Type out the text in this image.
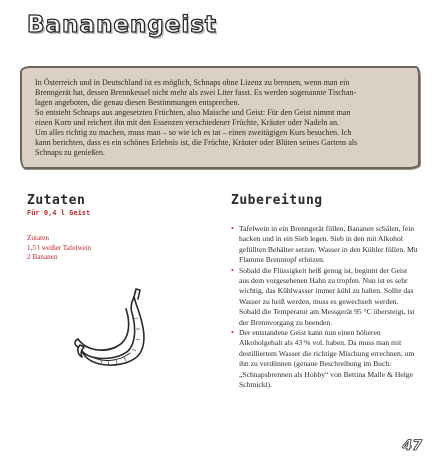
Bananengeist

In Österreich und in Deutschland ist es möglich, Schnaps ohne Lizenz zu brennen, wenn man ein

Brenngerät hat, dessen Brennkessel nicht mehr als zwei Liter fasst. Es werden sogenannte Tischan-

lagen angeboten, die genau diesen Bestimmungen entsprechen.

So entsteht Schnaps aus angesetzten Früchten, also Maische und Geist: Für den Geist nimmt man

einen Korn und reichert ihn mit den Essenzen verschiedener Früchte, Kräuter oder Nadeln an.

Um alles richtig zu machen, muss man – so wie ich es tat – einen zweitägigen Kurs besuchen. Ich

kann berichten, dass es ein schönes Erlebnis ist, die Früchte, Kräuter oder Blüten seines Gartens als

Schnaps zu genießen.

Zutaten
Für 0,4 l Geist
Zutaten
1,5 l weißer Tafelwein
2 Bananen
Zubereitung
• Tafelwein in ein Brenngerät füllen, Bananen schälen, fein hacken und in ein Sieb legen. Sieb in den mit Alkohol gefüllten Behälter setzen. Wasser in den Kühler füllen. Mit Flamme Brenntopf erhitzen.
• Sobald die Flüssigkeit heiß genug ist, beginnt der Geist aus dem vorgesehenen Hahn zu tropfen. Nun ist es sehr wichtig, das Kühlwasser immer kühl zu halten. Sollte das Wasser zu heiß werden, muss es gewechselt werden. Sobald die Temperatur am Messgerät 95 °C übersteigt, ist der Brennvorgang zu beenden.
• Der entstandene Geist kann nun einen höheren Alkoholgehalt als 43 % vol. haben. Da muss man mit destilliertem Wasser die richtige Mischung errechnen, um ihn zu verdünnen (genaue Beschreibung im Buch: „Schnapsbrennen als Hobby“ von Bettina Malle & Helge Schmickl).
47
